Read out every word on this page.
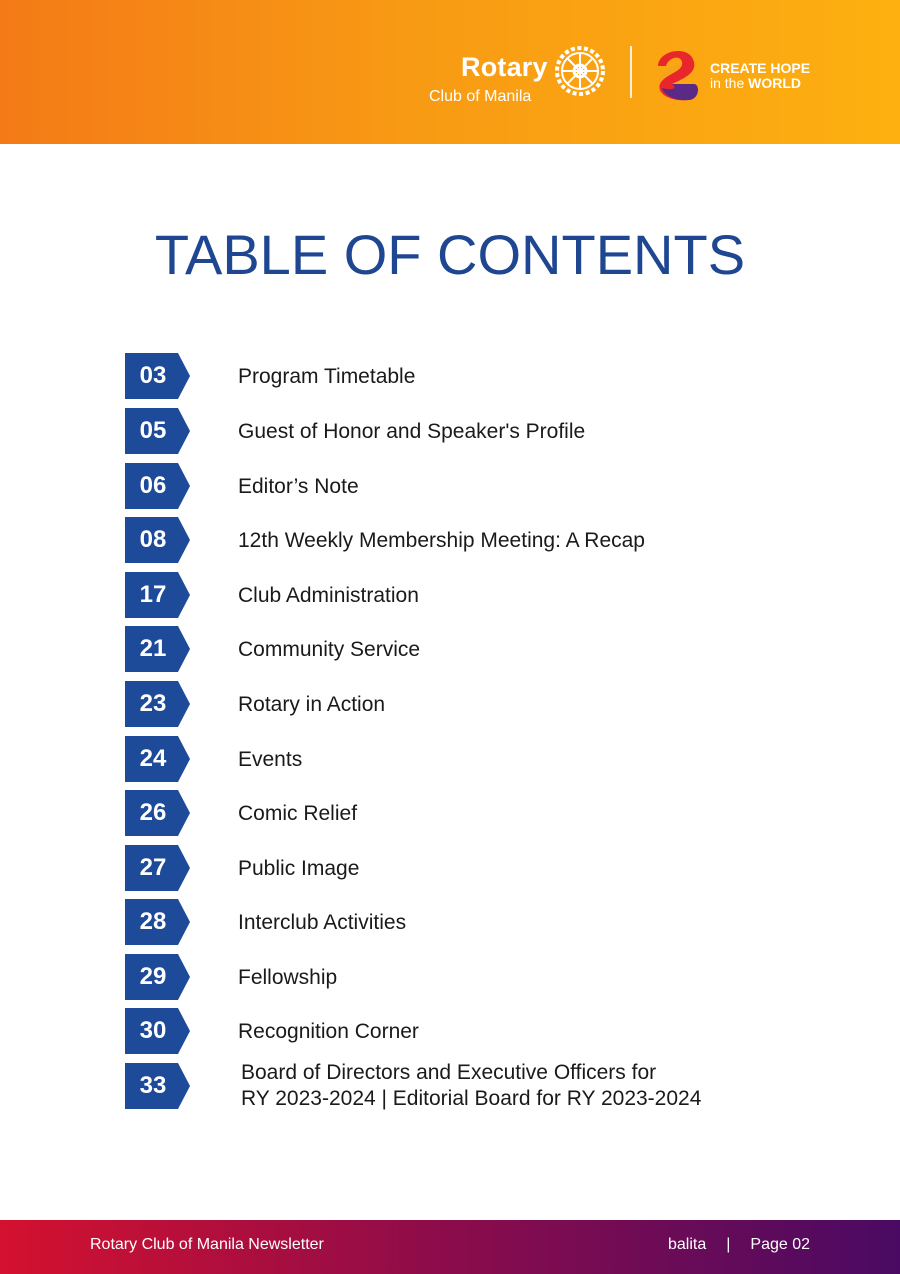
Rotary
Club of Manila
CREATE HOPE
in the WORLD
TABLE OF CONTENTS
03	Program Timetable
05	Guest of Honor and Speaker's Profile
06	Editor’s Note
08	12th Weekly Membership Meeting: A Recap
17	Club Administration
21	Community Service
23	Rotary in Action
24	Events
26	Comic Relief
27	Public Image
28	Interclub Activities
29	Fellowship
30	Recognition Corner
33	Board of Directors and Executive Officers for
RY 2023-2024 | Editorial Board for RY 2023-2024
Rotary Club of Manila Newsletter	balita | Page 02
